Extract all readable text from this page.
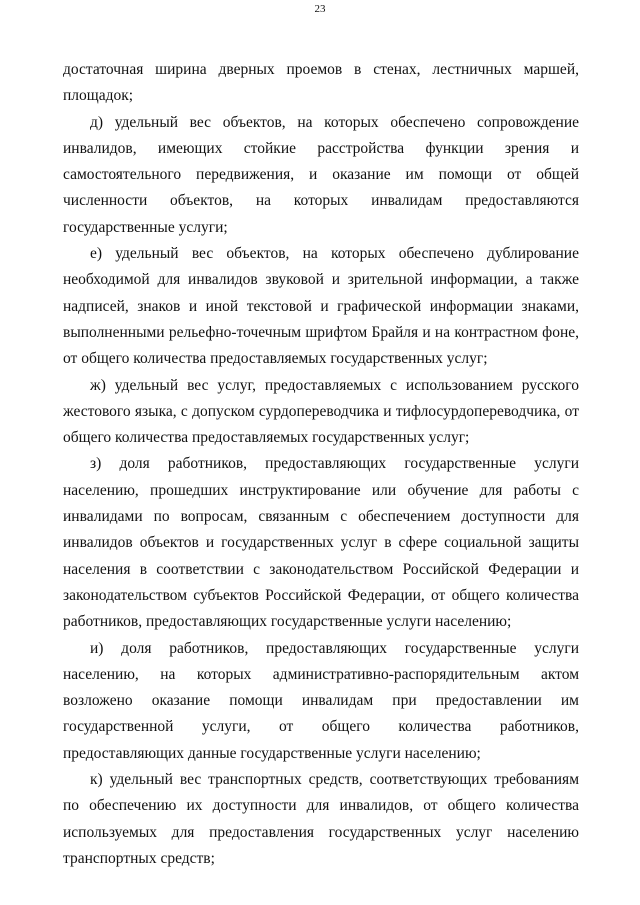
23

достаточная ширина дверных проемов в стенах, лестничных маршей, площадок;

д) удельный вес объектов, на которых обеспечено сопровождение инвалидов, имеющих стойкие расстройства функции зрения и самостоятельного передвижения, и оказание им помощи от общей численности объектов, на которых инвалидам предоставляются государственные услуги;

е) удельный вес объектов, на которых обеспечено дублирование необходимой для инвалидов звуковой и зрительной информации, а также надписей, знаков и иной текстовой и графической информации знаками, выполненными рельефно-точечным шрифтом Брайля и на контрастном фоне, от общего количества предоставляемых государственных услуг;

ж) удельный вес услуг, предоставляемых с использованием русского жестового языка, с допуском сурдопереводчика и тифлосурдопереводчика, от общего количества предоставляемых государственных услуг;

з) доля работников, предоставляющих государственные услуги населению, прошедших инструктирование или обучение для работы с инвалидами по вопросам, связанным с обеспечением доступности для инвалидов объектов и государственных услуг в сфере социальной защиты населения в соответствии с законодательством Российской Федерации и законодательством субъектов Российской Федерации, от общего количества работников, предоставляющих государственные услуги населению;

и) доля работников, предоставляющих государственные услуги населению, на которых административно-распорядительным актом возложено оказание помощи инвалидам при предоставлении им государственной услуги, от общего количества работников, предоставляющих данные государственные услуги населению;

к) удельный вес транспортных средств, соответствующих требованиям по обеспечению их доступности для инвалидов, от общего количества используемых для предоставления государственных услуг населению транспортных средств;
